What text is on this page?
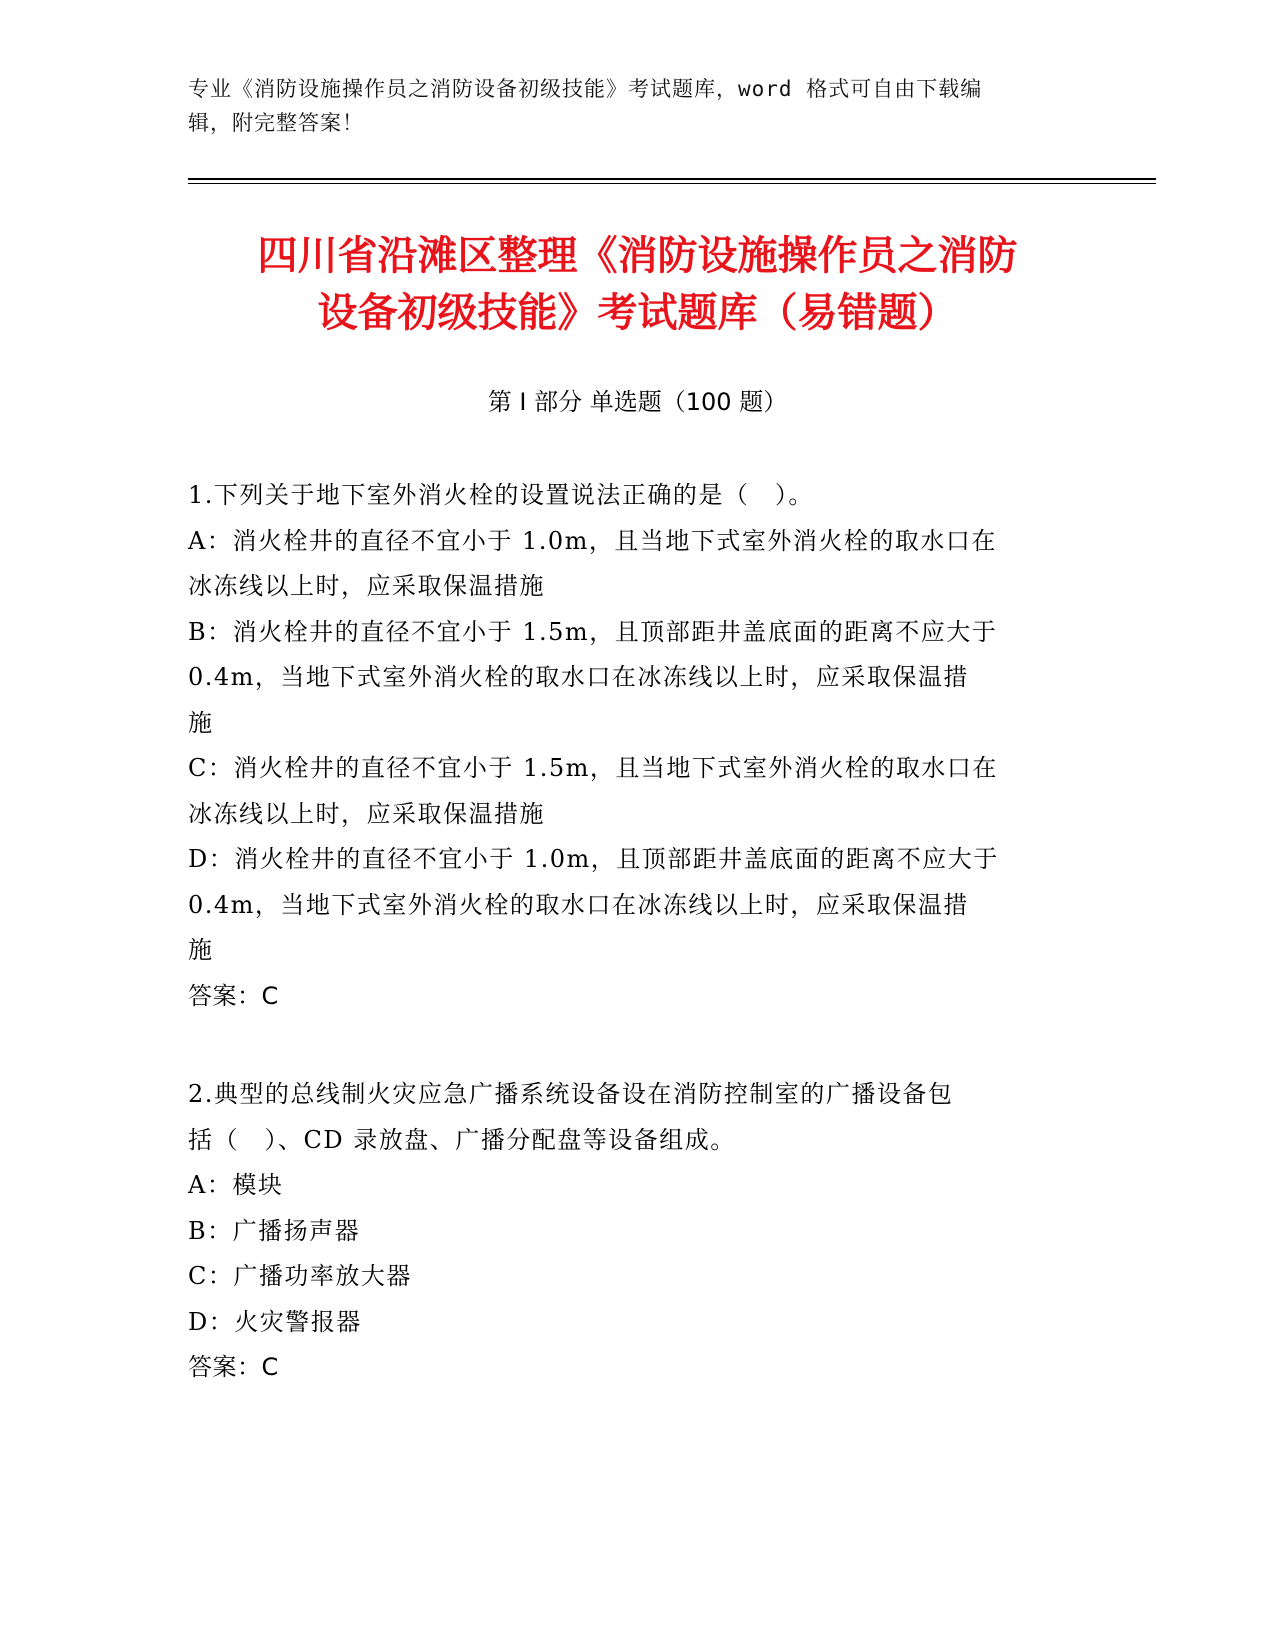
专业《消防设施操作员之消防设备初级技能》考试题库，word 格式可自由下载编
辑，附完整答案！
四川省沿滩区整理《消防设施操作员之消防
设备初级技能》考试题库（易错题）
第 I 部分 单选题（100 题）
1.下列关于地下室外消火栓的设置说法正确的是（　）。
A：消火栓井的直径不宜小于 1.0m，且当地下式室外消火栓的取水口在
冰冻线以上时，应采取保温措施
B：消火栓井的直径不宜小于 1.5m，且顶部距井盖底面的距离不应大于
0.4m，当地下式室外消火栓的取水口在冰冻线以上时，应采取保温措
施
C：消火栓井的直径不宜小于 1.5m，且当地下式室外消火栓的取水口在
冰冻线以上时，应采取保温措施
D：消火栓井的直径不宜小于 1.0m，且顶部距井盖底面的距离不应大于
0.4m，当地下式室外消火栓的取水口在冰冻线以上时，应采取保温措
施
答案：C
2.典型的总线制火灾应急广播系统设备设在消防控制室的广播设备包
括（　）、CD 录放盘、广播分配盘等设备组成。
A：模块
B：广播扬声器
C：广播功率放大器
D：火灾警报器
答案：C
